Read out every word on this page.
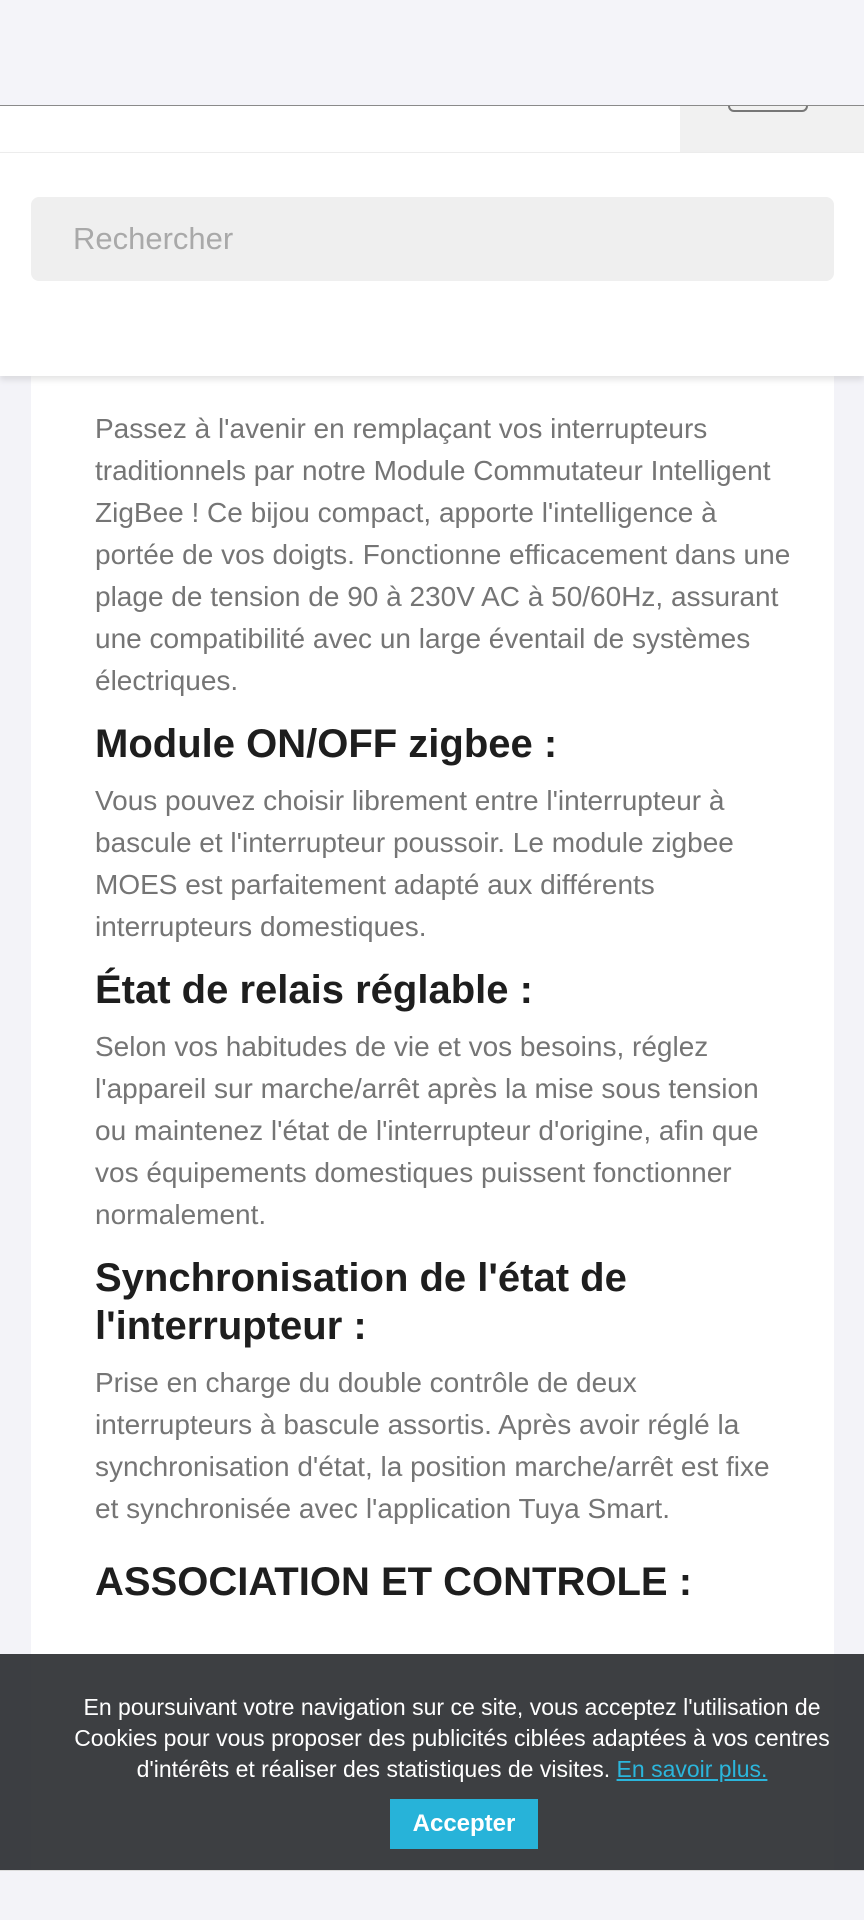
Rechercher

Passez à l'avenir en remplaçant vos interrupteurs traditionnels par notre Module Commutateur Intelligent ZigBee ! Ce bijou compact, apporte l'intelligence à portée de vos doigts. Fonctionne efficacement dans une plage de tension de 90 à 230V AC à 50/60Hz, assurant une compatibilité avec un large éventail de systèmes électriques.

Module ON/OFF zigbee :

Vous pouvez choisir librement entre l'interrupteur à bascule et l'interrupteur poussoir. Le module zigbee MOES est parfaitement adapté aux différents interrupteurs domestiques.

État de relais réglable :

Selon vos habitudes de vie et vos besoins, réglez l'appareil sur marche/arrêt après la mise sous tension ou maintenez l'état de l'interrupteur d'origine, afin que vos équipements domestiques puissent fonctionner normalement.

Synchronisation de l'état de l'interrupteur :

Prise en charge du double contrôle de deux interrupteurs à bascule assortis. Après avoir réglé la synchronisation d'état, la position marche/arrêt est fixe et synchronisée avec l'application Tuya Smart.

ASSOCIATION ET CONTROLE :

En poursuivant votre navigation sur ce site, vous acceptez l'utilisation de Cookies pour vous proposer des publicités ciblées adaptées à vos centres d'intérêts et réaliser des statistiques de visites. En savoir plus.

Accepter
